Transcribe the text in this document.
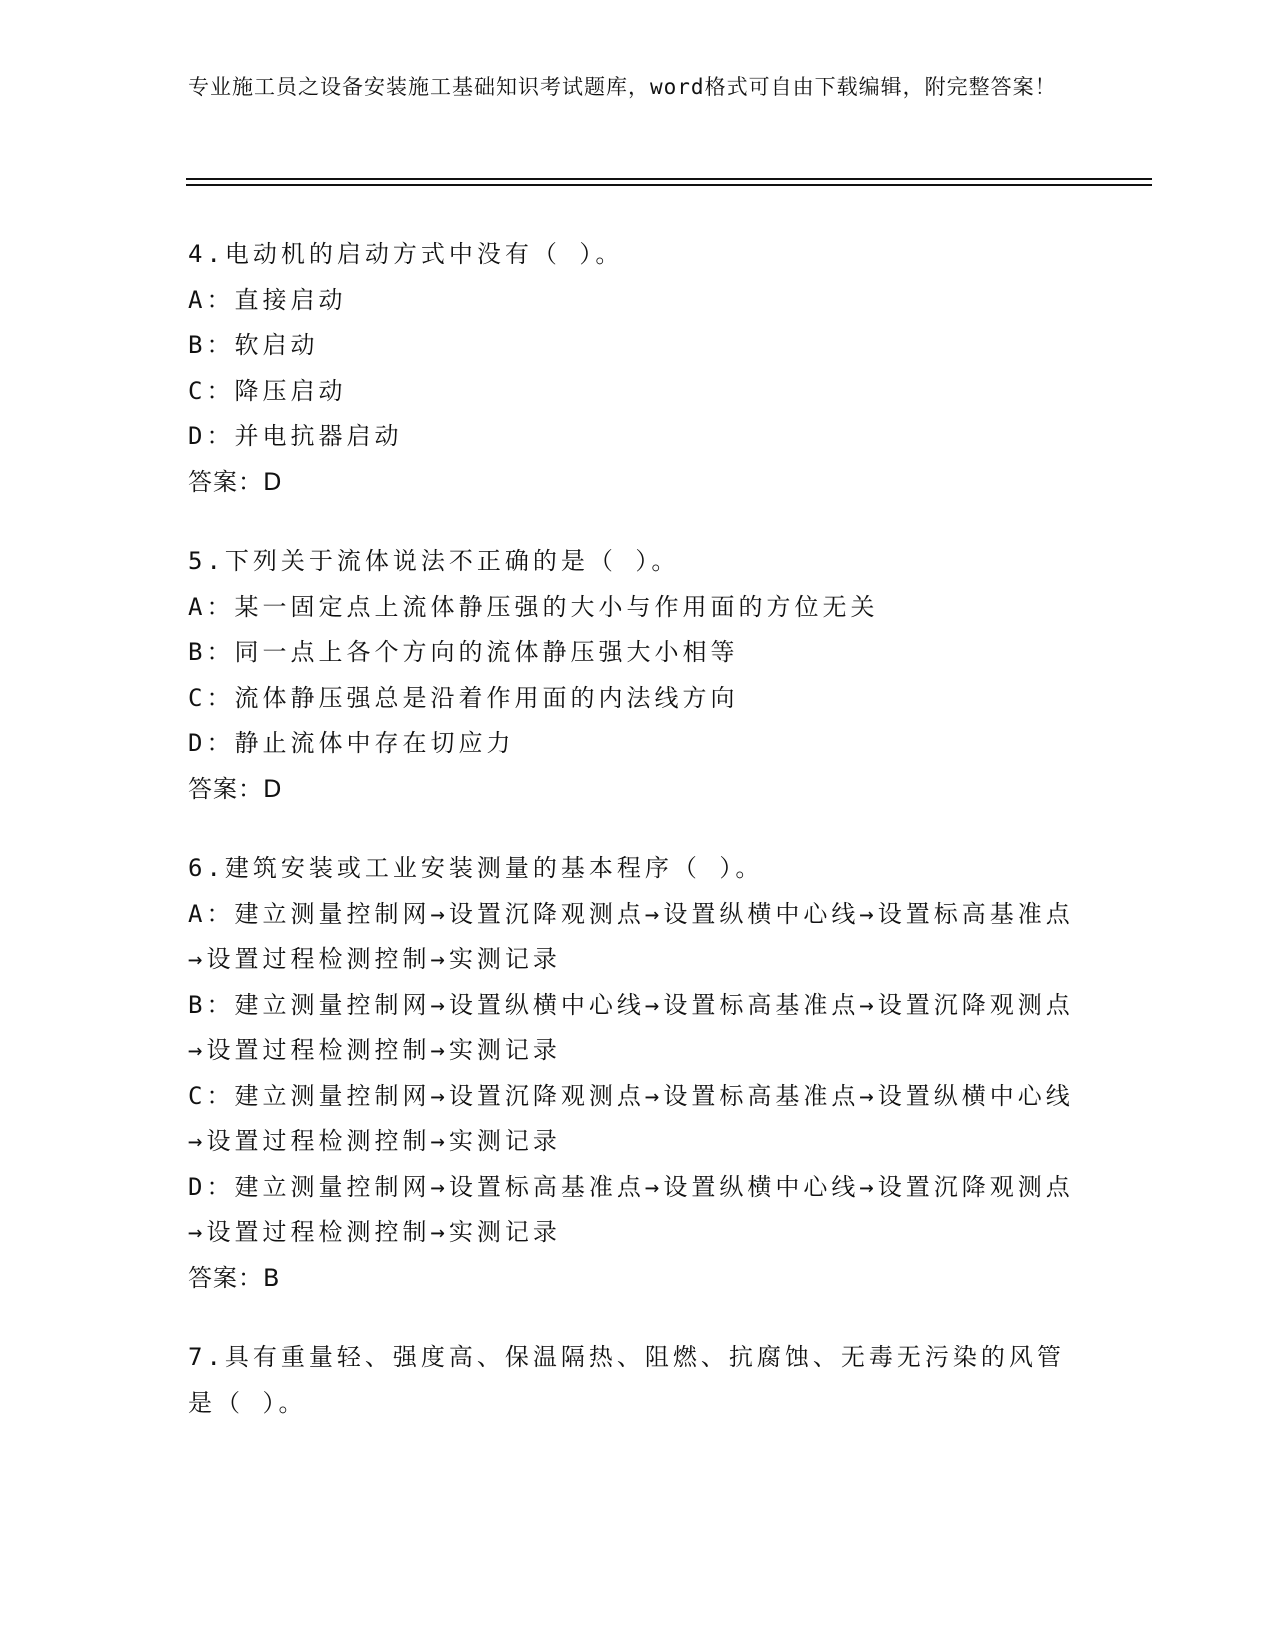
专业施工员之设备安装施工基础知识考试题库，word格式可自由下载编辑，附完整答案！
4.电动机的启动方式中没有（ ）。
A：直接启动
B：软启动
C：降压启动
D：并电抗器启动
答案：D
5.下列关于流体说法不正确的是（ ）。
A：某一固定点上流体静压强的大小与作用面的方位无关
B：同一点上各个方向的流体静压强大小相等
C：流体静压强总是沿着作用面的内法线方向
D：静止流体中存在切应力
答案：D
6.建筑安装或工业安装测量的基本程序（ ）。
A：建立测量控制网→设置沉降观测点→设置纵横中心线→设置标高基准点→设置过程检测控制→实测记录
B：建立测量控制网→设置纵横中心线→设置标高基准点→设置沉降观测点→设置过程检测控制→实测记录
C：建立测量控制网→设置沉降观测点→设置标高基准点→设置纵横中心线→设置过程检测控制→实测记录
D：建立测量控制网→设置标高基准点→设置纵横中心线→设置沉降观测点→设置过程检测控制→实测记录
答案：B
7.具有重量轻、强度高、保温隔热、阻燃、抗腐蚀、无毒无污染的风管是（ ）。
